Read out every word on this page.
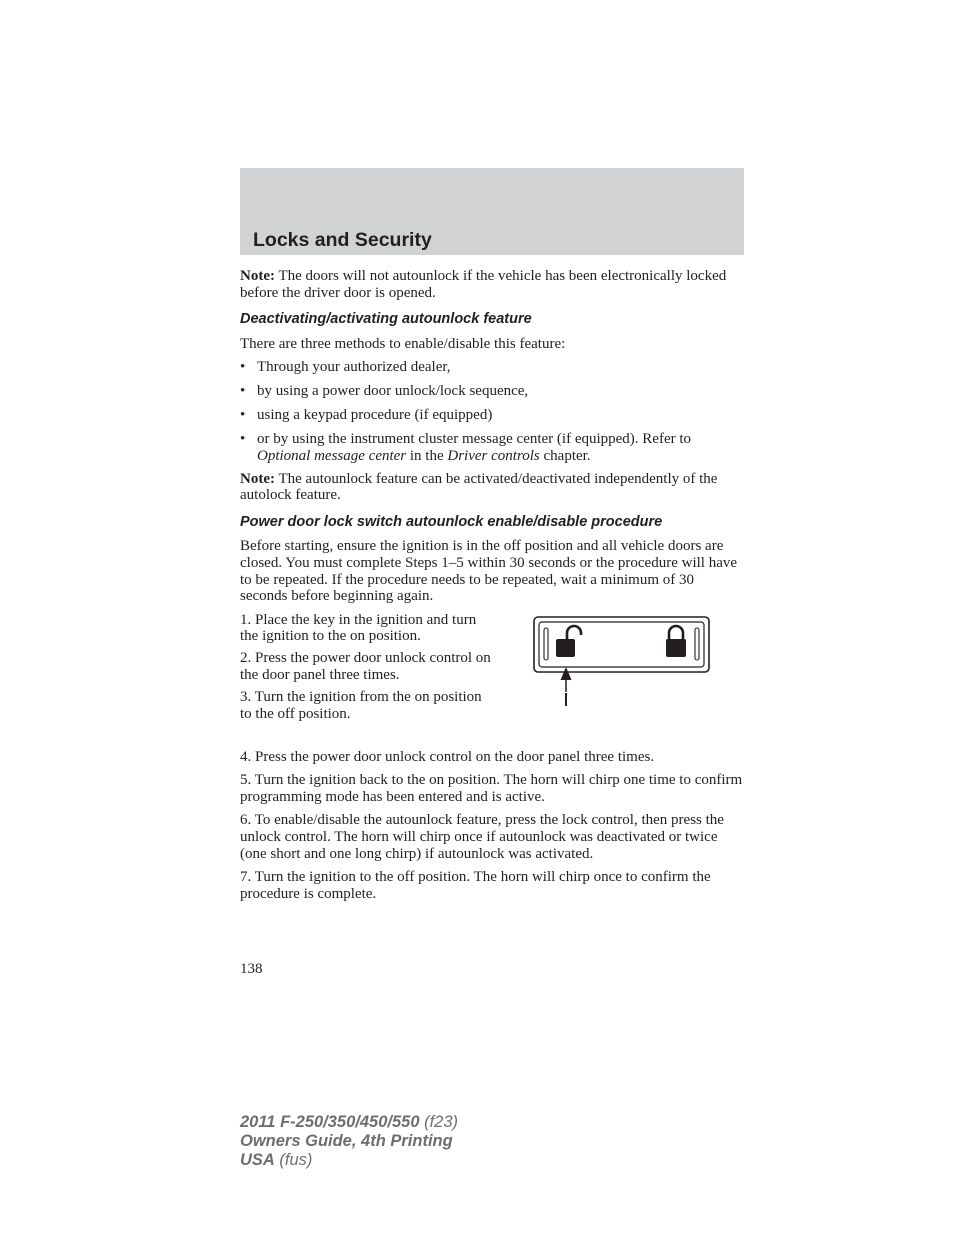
Locks and Security

Note: The doors will not autounlock if the vehicle has been electronically locked before the driver door is opened.

Deactivating/activating autounlock feature

There are three methods to enable/disable this feature:

• Through your authorized dealer,
• by using a power door unlock/lock sequence,
• using a keypad procedure (if equipped)
• or by using the instrument cluster message center (if equipped). Refer to Optional message center in the Driver controls chapter.

Note: The autounlock feature can be activated/deactivated independently of the autolock feature.

Power door lock switch autounlock enable/disable procedure

Before starting, ensure the ignition is in the off position and all vehicle doors are closed. You must complete Steps 1–5 within 30 seconds or the procedure will have to be repeated. If the procedure needs to be repeated, wait a minimum of 30 seconds before beginning again.

1. Place the key in the ignition and turn the ignition to the on position.

2. Press the power door unlock control on the door panel three times.

3. Turn the ignition from the on position to the off position.

4. Press the power door unlock control on the door panel three times.

5. Turn the ignition back to the on position. The horn will chirp one time to confirm programming mode has been entered and is active.

6. To enable/disable the autounlock feature, press the lock control, then press the unlock control. The horn will chirp once if autounlock was deactivated or twice (one short and one long chirp) if autounlock was activated.

7. Turn the ignition to the off position. The horn will chirp once to confirm the procedure is complete.

138
2011 F-250/350/450/550 (f23)
Owners Guide, 4th Printing
USA (fus)
